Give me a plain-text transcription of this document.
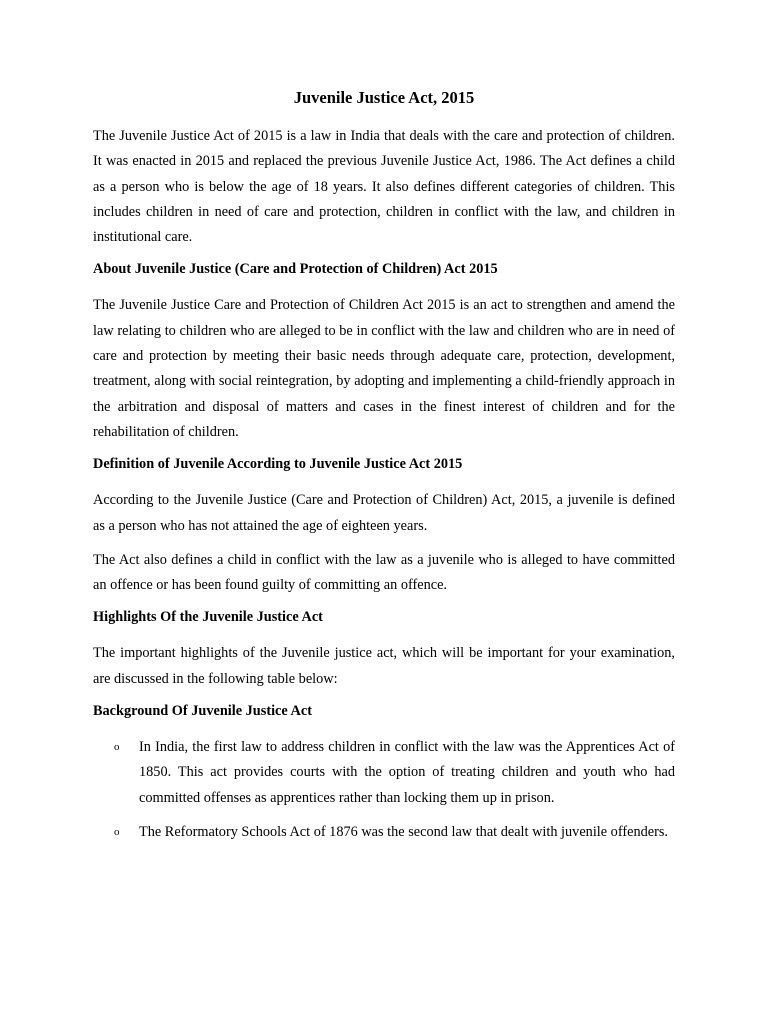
Juvenile Justice Act, 2015

The Juvenile Justice Act of 2015 is a law in India that deals with the care and protection of children. It was enacted in 2015 and replaced the previous Juvenile Justice Act, 1986. The Act defines a child as a person who is below the age of 18 years. It also defines different categories of children. This includes children in need of care and protection, children in conflict with the law, and children in institutional care.

About Juvenile Justice (Care and Protection of Children) Act 2015

The Juvenile Justice Care and Protection of Children Act 2015 is an act to strengthen and amend the law relating to children who are alleged to be in conflict with the law and children who are in need of care and protection by meeting their basic needs through adequate care, protection, development, treatment, along with social reintegration, by adopting and implementing a child-friendly approach in the arbitration and disposal of matters and cases in the finest interest of children and for the rehabilitation of children.

Definition of Juvenile According to Juvenile Justice Act 2015

According to the Juvenile Justice (Care and Protection of Children) Act, 2015, a juvenile is defined as a person who has not attained the age of eighteen years.

The Act also defines a child in conflict with the law as a juvenile who is alleged to have committed an offence or has been found guilty of committing an offence.

Highlights Of the Juvenile Justice Act

The important highlights of the Juvenile justice act, which will be important for your examination, are discussed in the following table below:

Background Of Juvenile Justice Act
o In India, the first law to address children in conflict with the law was the Apprentices Act of 1850. This act provides courts with the option of treating children and youth who had committed offenses as apprentices rather than locking them up in prison.

o The Reformatory Schools Act of 1876 was the second law that dealt with juvenile offenders.
